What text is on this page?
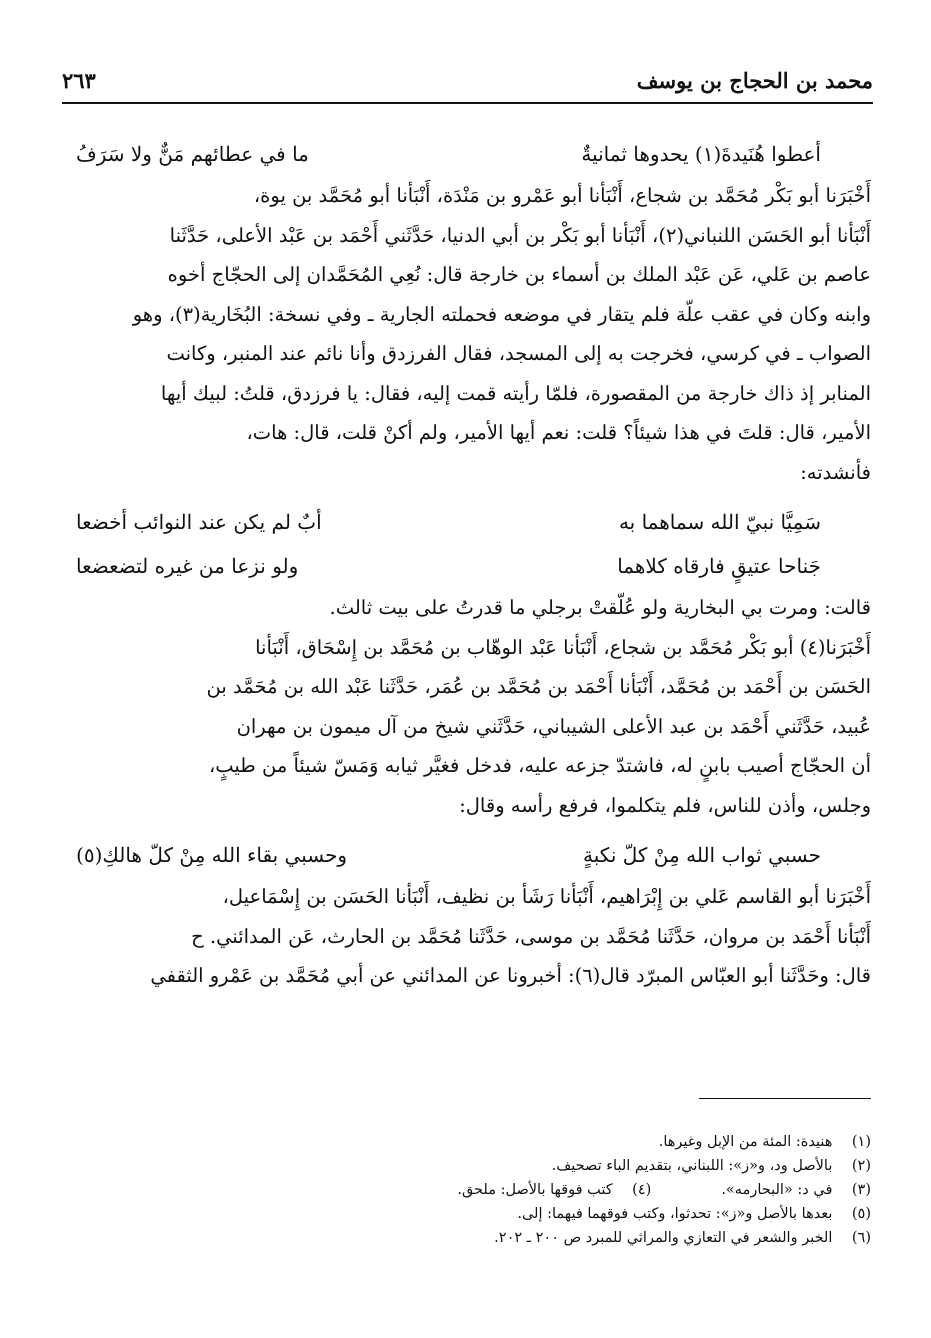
محمد بن الحجاج بن يوسف
٢٦٣
أعطوا هُنَيدةَ(١) يحدوها ثمانيةٌ
ما في عطائهم مَنٌّ ولا سَرَفُ
أَخْبَرَنا أبو بَكْر مُحَمَّد بن شجاع، أَنْبَأنا أبو عَمْرو بن مَنْدَة، أَنْبَأنا أبو مُحَمَّد بن يوة،
أَنْبَأنا أبو الحَسَن اللنباني(٢)، أَنْبَأنا أبو بَكْر بن أبي الدنيا، حَدَّثَني أَحْمَد بن عَبْد الأعلى، حَدَّثَنا
عاصم بن عَلي، عَن عَبْد الملك بن أسماء بن خارجة قال: نُعِي المُحَمَّدان إلى الحجّاج أخوه
وابنه وكان في عقب علّة فلم يتقار في موضعه فحملته الجارية ـ وفي نسخة: البُخَارية(٣)، وهو
الصواب ـ في كرسي، فخرجت به إلى المسجد، فقال الفرزدق وأنا نائم عند المنبر، وكانت
المنابر إذ ذاك خارجة من المقصورة، فلمّا رأيته قمت إليه، فقال: يا فرزدق، قلتُ: لبيك أيها
الأمير، قال: قلتَ في هذا شيئاً؟ قلت: نعم أيها الأمير، ولم أكنْ قلت، قال: هات،
فأنشدته:
سَمِيَّا نبيّ الله سماهما به
أبٌ لم يكن عند النوائب أخضعا
جَناحا عتيقٍ فارقاه كلاهما
ولو نزعا من غيره لتضعضعا
قالت: ومرت بي البخارية ولو عُلّقتْ برجلي ما قدرتُ على بيت ثالث.
أَخْبَرَنا(٤) أبو بَكْر مُحَمَّد بن شجاع، أَنْبَأنا عَبْد الوهّاب بن مُحَمَّد بن إِسْحَاق، أَنْبَأنا
الحَسَن بن أَحْمَد بن مُحَمَّد، أَنْبَأنا أَحْمَد بن مُحَمَّد بن عُمَر، حَدَّثَنا عَبْد الله بن مُحَمَّد بن
عُبيد، حَدَّثَني أَحْمَد بن عبد الأعلى الشيباني، حَدَّثَني شيخ من آل ميمون بن مهران
أن الحجّاج أصيب بابنٍ له، فاشتدّ جزعه عليه، فدخل فغيَّر ثيابه وَمَسّ شيئاً من طيبٍ،
وجلس، وأذن للناس، فلم يتكلموا، فرفع رأسه وقال:
حسبي ثواب الله مِنْ كلّ نكبةٍ
وحسبي بقاء الله مِنْ كلّ هالكِ(٥)
أَخْبَرَنا أبو القاسم عَلي بن إِبْرَاهيم، أَنْبَأنا رَشَأ بن نظيف، أَنْبَأنا الحَسَن بن إِسْمَاعيل،
أَنْبَأنا أَحْمَد بن مروان، حَدَّثَنا مُحَمَّد بن موسى، حَدَّثَنا مُحَمَّد بن الحارث، عَن المدائني. ح
قال: وحَدَّثَنا أبو العبّاس المبرّد قال(٦): أخبرونا عن المدائني عن أبي مُحَمَّد بن عَمْرو الثقفي
(١) هنيدة: المئة من الإبل وغيرها.
(٢) بالأصل ود، و«ز»: اللبناني، بتقديم الباء تصحيف.
(٣) في د: «البحارمه».
(٤) كتب فوقها بالأصل: ملحق.
(٥) بعدها بالأصل و«ز»: تحدثوا، وكتب فوقهما فيهما: إلى.
(٦) الخبر والشعر في التعازي والمراثي للمبرد ص ٢٠٠ ـ ٢٠٢.
